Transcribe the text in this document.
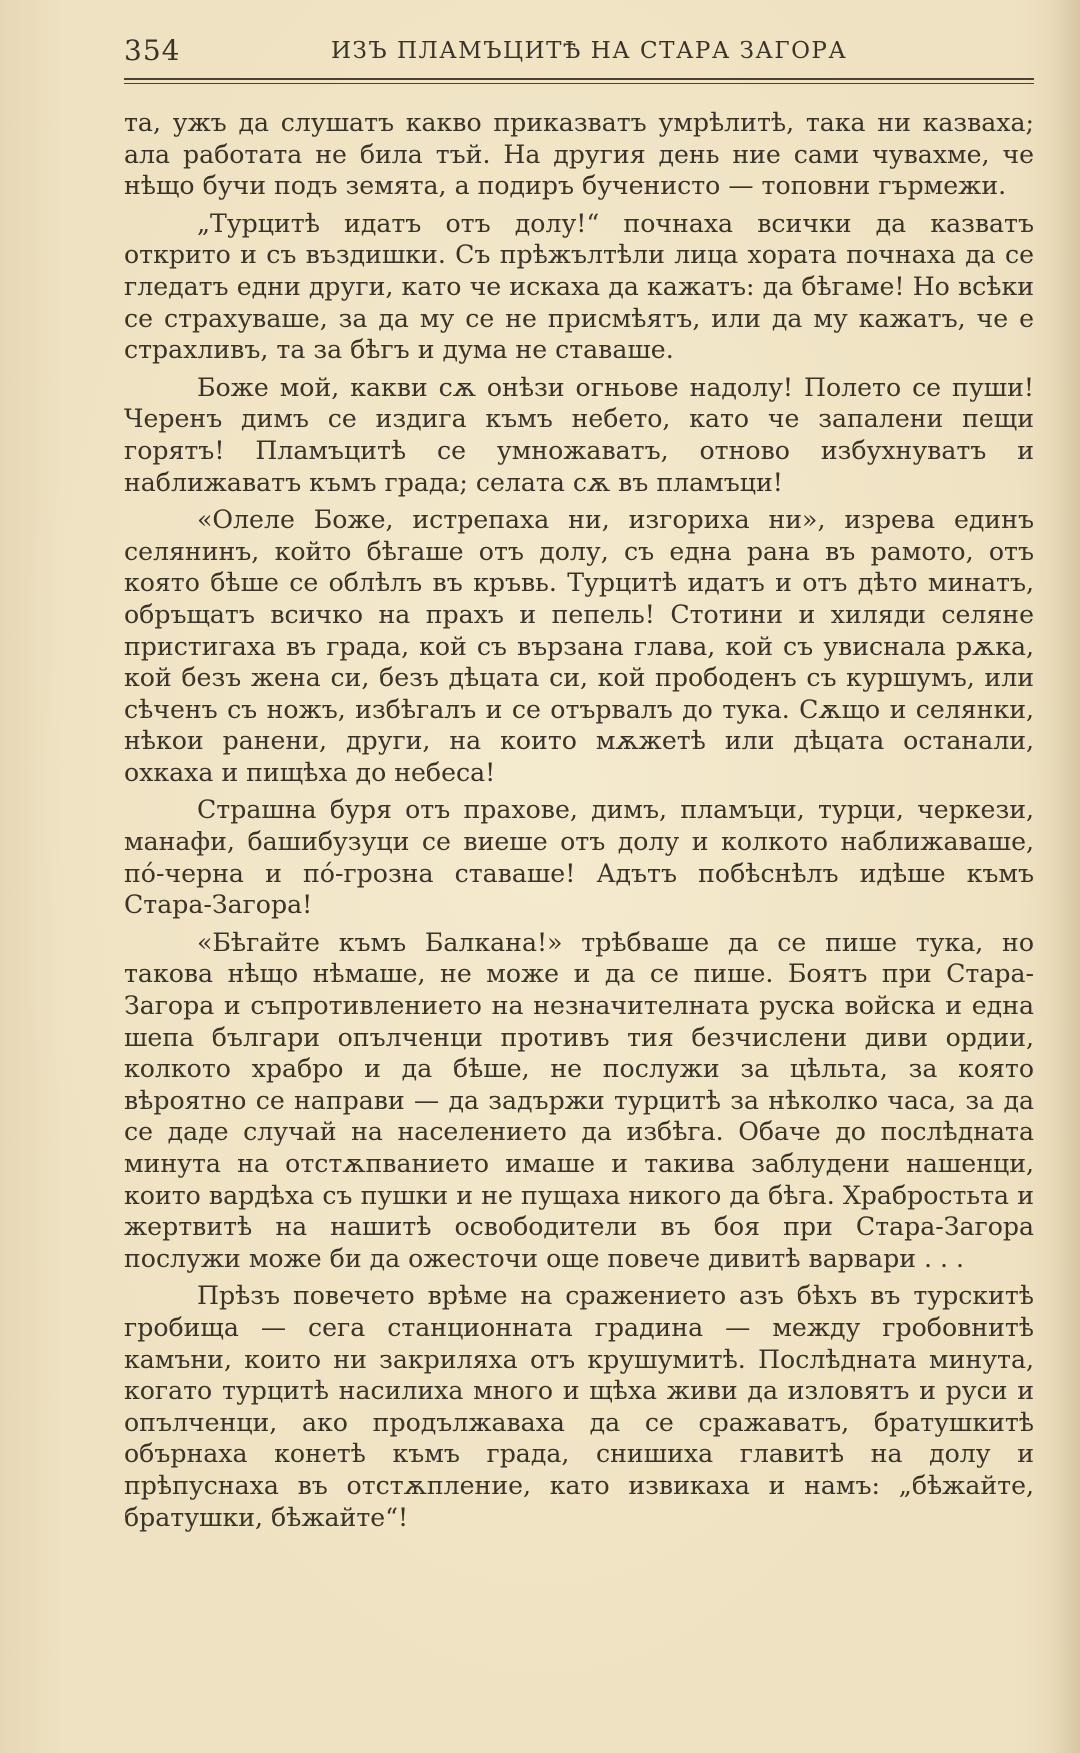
354	ИЗЪ ПЛАМЪЦИТѢ НА СТАРА ЗАГОРА

та, ужъ да слушатъ какво приказватъ умрѣлитѣ, така ни казваха; ала работата не била тъй. На другия день ние сами чувахме, че нѣщо бучи подъ земята, а подиръ бученисто — топовни гърмежи.

„Турцитѣ идатъ отъ долу!“ почнаха всички да казватъ открито и съ въздишки. Съ прѣжълтѣли лица хората почнаха да се гледатъ едни други, като че искаха да кажатъ: да бѣгаме! Но всѣки се страхуваше, за да му се не присмѣятъ, или да му кажатъ, че е страхливъ, та за бѣгъ и дума не ставаше.

Боже мой, какви сѫ онѣзи огньове надолу! Полето се пуши! Черенъ димъ се издига къмъ небето, като че запалени пещи горятъ! Пламъцитѣ се умножаватъ, отново избухнуватъ и наближаватъ къмъ града; селата сѫ въ пламъци!

«Олеле Боже, истрепаха ни, изгориха ни», изрева единъ селянинъ, който бѣгаше отъ долу, съ една рана въ рамото, отъ която бѣше се облѣлъ въ кръвь. Турцитѣ идатъ и отъ дѣто минатъ, обръщатъ всичко на прахъ и пепель! Стотини и хиляди селяне пристигаха въ града, кой съ вързана глава, кой съ увиснала рѫка, кой безъ жена си, безъ дѣцата си, кой прободенъ съ куршумъ, или сѣченъ съ ножъ, избѣгалъ и се отървалъ до тука. Сѫщо и селянки, нѣкои ранени, други, на които мѫжетѣ или дѣцата останали, охкаха и пищѣха до небеса!

Страшна буря отъ прахове, димъ, пламъци, турци, черкези, манафи, башибузуци се виеше отъ долу и колкото наближаваше, по́-черна и по́-грозна ставаше! Адътъ побѣснѣлъ идѣше къмъ Стара-Загора!

«Бѣгайте къмъ Балкана!» трѣбваше да се пише тука, но такова нѣщо нѣмаше, не може и да се пише. Боятъ при Стара-Загора и съпротивлението на незначителната руска войска и една шепа българи опълченци противъ тия безчислени диви ордии, колкото храбро и да бѣше, не послужи за цѣльта, за която вѣроятно се направи — да задържи турцитѣ за нѣколко часа, за да се даде случай на населението да избѣга. Обаче до послѣдната минута на отстѫпванието имаше и такива заблудени нашенци, които вардѣха съ пушки и не пущаха никого да бѣга. Храбростьта и жертвитѣ на нашитѣ освободители въ боя при Стара-Загора послужи може би да ожесточи още повече дивитѣ варвари . . .

Прѣзъ повечето врѣме на сражението азъ бѣхъ въ турскитѣ гробища — сега станционната градина — между гробовнитѣ камъни, които ни закриляха отъ крушумитѣ. Послѣдната минута, когато турцитѣ насилиха много и щѣха живи да изловятъ и руси и опълченци, ако продължаваха да се сражаватъ, братушкитѣ обърнаха конетѣ къмъ града, снишиха главитѣ на долу и прѣпуснаха въ отстѫпление, като извикаха и намъ: „бѣжайте, братушки, бѣжайте“!
